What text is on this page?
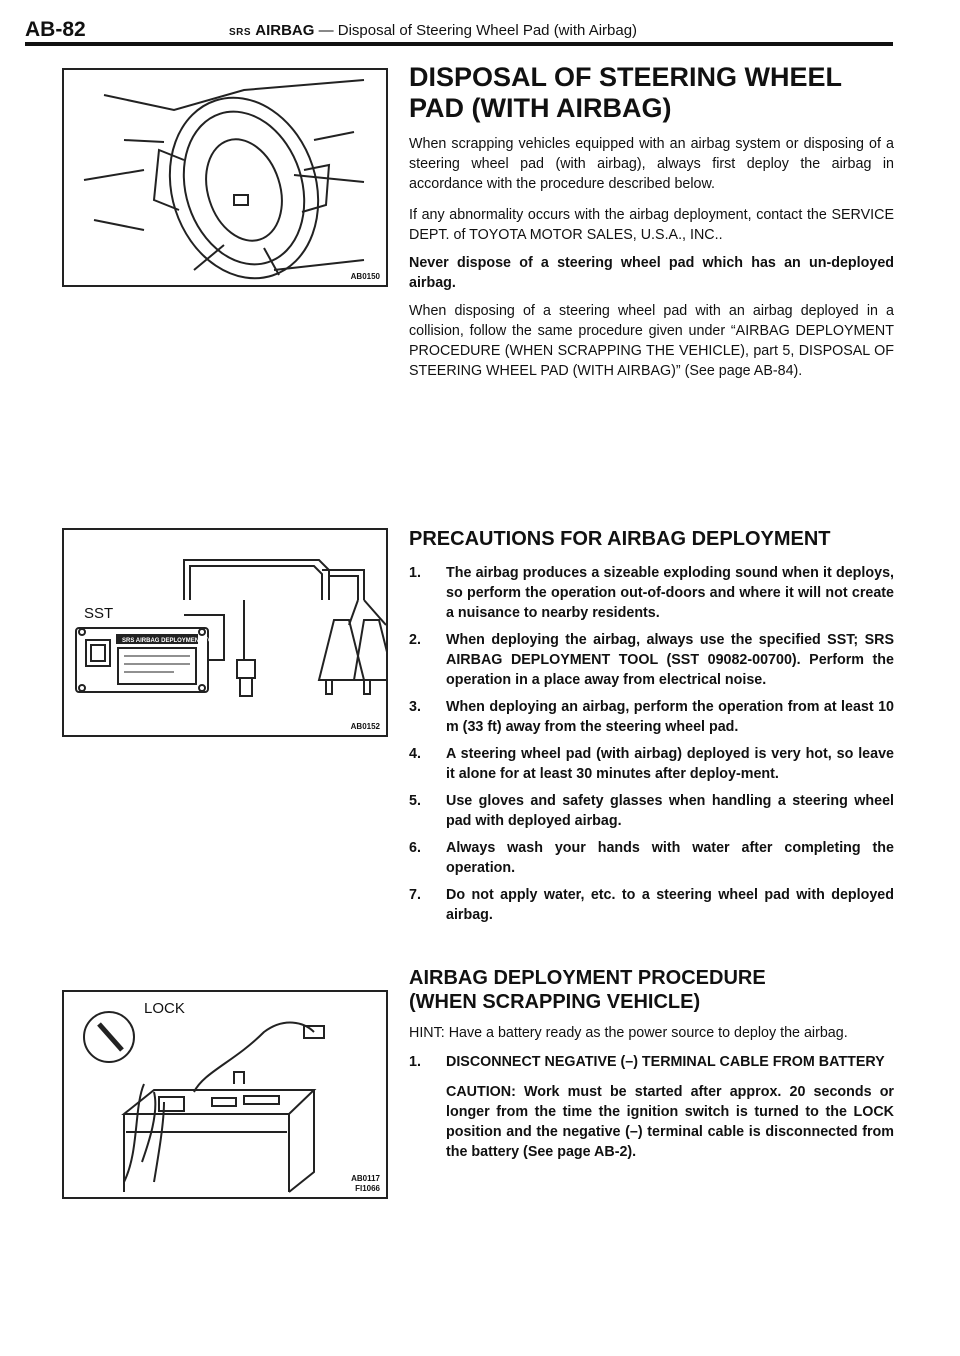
AB-82	SRS AIRBAG — Disposal of Steering Wheel Pad (with Airbag)
AB0150
SRS AIRBAG DEPLOYMENT TOOL
SST
AB0152
LOCK
AB0117
FI1066
DISPOSAL OF STEERING WHEEL
PAD (WITH AIRBAG)

When scrapping vehicles equipped with an airbag system or disposing of a steering wheel pad (with airbag), always first deploy the airbag in accordance with the procedure described below.

If any abnormality occurs with the airbag deployment, contact the SERVICE DEPT. of TOYOTA MOTOR SALES, U.S.A., INC..

Never dispose of a steering wheel pad which has an un-deployed airbag.

When disposing of a steering wheel pad with an airbag deployed in a collision, follow the same procedure given under “AIRBAG DEPLOYMENT PROCEDURE (WHEN SCRAPPING THE VEHICLE), part 5, DISPOSAL OF STEERING WHEEL PAD (WITH AIRBAG)” (See page AB-84).

PRECAUTIONS FOR AIRBAG DEPLOYMENT
1. The airbag produces a sizeable exploding sound when it deploys, so perform the operation out-of-doors and where it will not create a nuisance to nearby residents.
2. When deploying the airbag, always use the specified SST; SRS AIRBAG DEPLOYMENT TOOL (SST 09082-00700). Perform the operation in a place away from electrical noise.
3. When deploying an airbag, perform the operation from at least 10 m (33 ft) away from the steering wheel pad.
4. A steering wheel pad (with airbag) deployed is very hot, so leave it alone for at least 30 minutes after deploy-ment.
5. Use gloves and safety glasses when handling a steering wheel pad with deployed airbag.
6. Always wash your hands with water after completing the operation.
7. Do not apply water, etc. to a steering wheel pad with deployed airbag.
AIRBAG DEPLOYMENT PROCEDURE
(WHEN SCRAPPING VEHICLE)

HINT: Have a battery ready as the power source to deploy the airbag.

1. DISCONNECT NEGATIVE (–) TERMINAL CABLE FROM BATTERY

CAUTION: Work must be started after approx. 20 seconds or longer from the time the ignition switch is turned to the LOCK position and the negative (–) terminal cable is disconnected from the battery (See page AB-2).
